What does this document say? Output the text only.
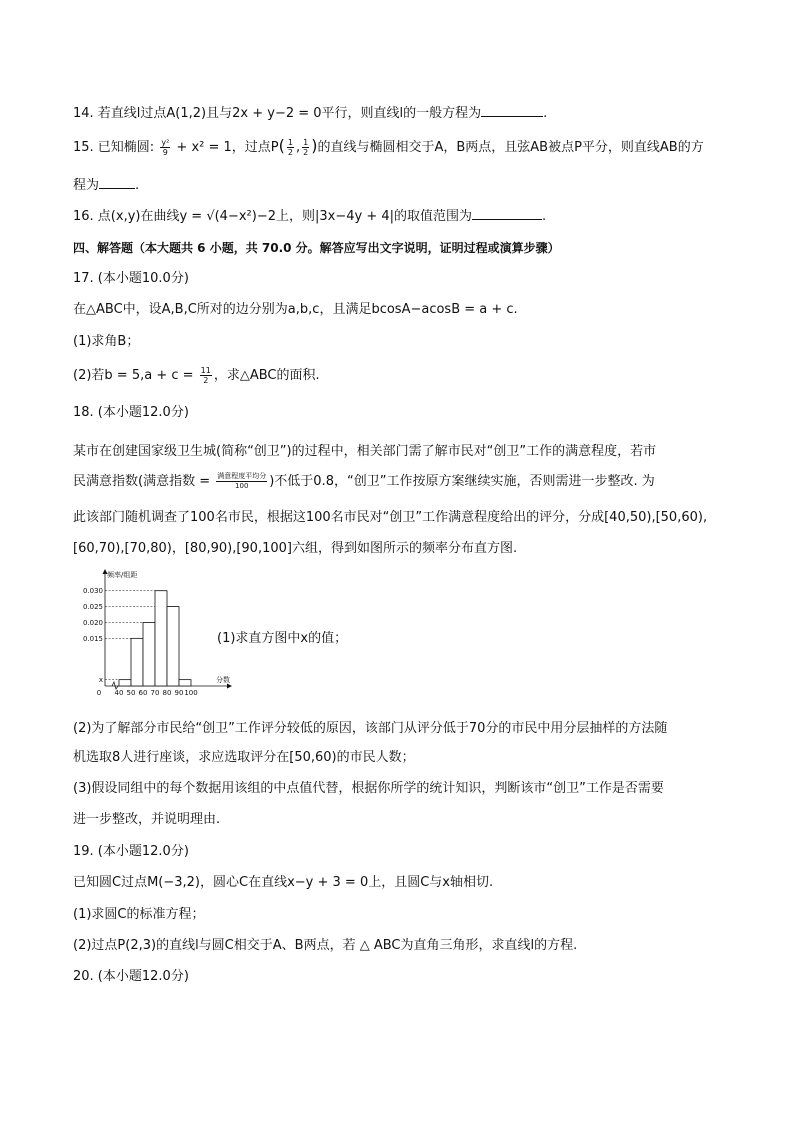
14. 若直线l过点A(1,2)且与2x + y−2 = 0平行，则直线l的一般方程为	.
15. 已知椭圆: $\frac{\text{y²}}{9} + x^2 = 1$，过点$P( \frac{1}{2}$ , $\frac{1}{2}$ )的直线与椭圆相交于A，B两点，且弦AB被点P平分，则直线AB的方
程为	.
16. 点(x,y)在曲线y = √(4−x²)−2上，则|3x−4y + 4|的取值范围为	.
四、解答题（本大题共 6 小题，共 70.0 分。解答应写出文字说明，证明过程或演算步骤）
17. (本小题10.0分)
在△ABC中，设A,B,C所对的边分别为a,b,c，且满足bcosA−acosB = a + c.
(1)求角B；
(2)若$b = 5,a + c = \frac{11}{2}$ ，求△ABC的面积.
18. (本小题12.0分)
某市在创建国家级卫生城(简称“创卫”)的过程中，相关部门需了解市民对“创卫”工作的满意程度，若市
民满意指数(满意指数 = $\frac{\text{满意程度平均分}}{100}$ )不低于0.8，“创卫”工作按原方案继续实施，否则需进一步整改. 为
此该部门随机调查了100名市民，根据这100名市民对“创卫”工作满意程度给出的评分，分成[40,50),[50,60),
[60,70),[70,80)，[80,90),[90,100]六组，得到如图所示的频率分布直方图.
频率/组距
分数
0
0.015
0.020
0.025
0.030
x
40 50 60 70 80 90 100
(1)求直方图中x的值；
(2)为了解部分市民给“创卫”工作评分较低的原因，该部门从评分低于70分的市民中用分层抽样的方法随
机选取8人进行座谈，求应选取评分在[50,60)的市民人数；
(3)假设同组中的每个数据用该组的中点值代替，根据你所学的统计知识，判断该市“创卫”工作是否需要
进一步整改，并说明理由.
19. (本小题12.0分)
已知圆C过点M(−3,2)，圆心C在直线x−y + 3 = 0上，且圆C与x轴相切.
(1)求圆C的标准方程；
(2)过点P(2,3)的直线l与圆C相交于A、B两点，若 △ ABC为直角三角形，求直线l的方程.
20. (本小题12.0分)
